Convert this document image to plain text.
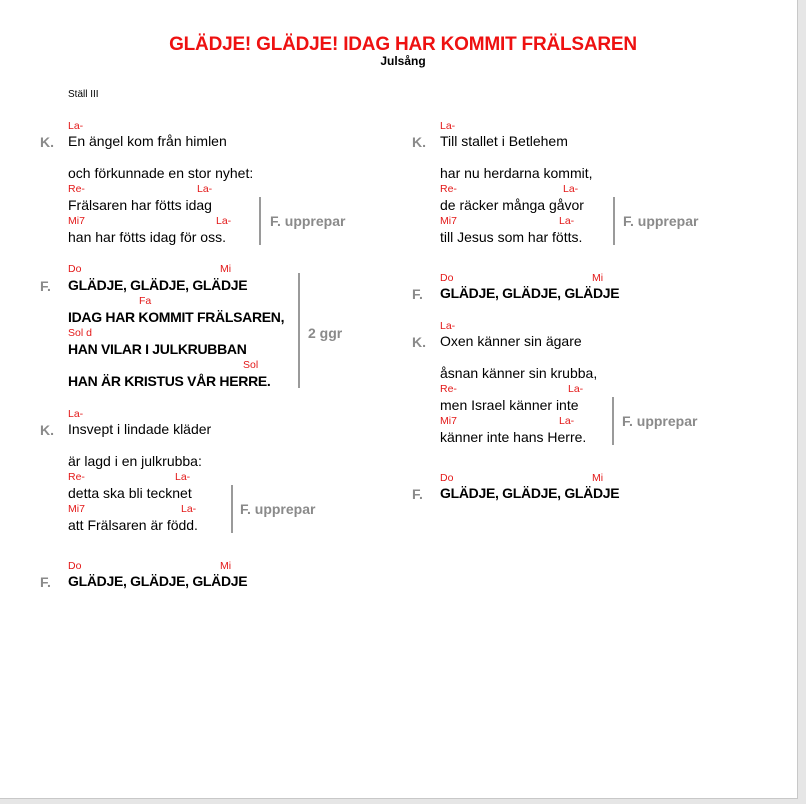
GLÄDJE! GLÄDJE! IDAG HAR KOMMIT FRÄLSAREN
Julsång
Ställ III
La-
K. En ängel kom från himlen
och förkunnade en stor nyhet:
Re-	La-
Frälsaren har fötts idag
Mi7	La-
han har fötts idag för oss.
F. upprepar
Do	Mi
F. GLÄDJE, GLÄDJE, GLÄDJE
Fa
IDAG HAR KOMMIT FRÄLSAREN,
Sol d
HAN VILAR I JULKRUBBAN
Sol
HAN ÄR KRISTUS VÅR HERRE.
2 ggr
La-
K. Insvept i lindade kläder
är lagd i en julkrubba:
Re-	La-
detta ska bli tecknet
Mi7	La-
att Frälsaren är född.
F. upprepar
Do	Mi
F. GLÄDJE, GLÄDJE, GLÄDJE
La-
K. Till stallet i Betlehem
har nu herdarna kommit,
Re-	La-
de räcker många gåvor
Mi7	La-
till Jesus som har fötts.
F. upprepar
Do	Mi
F. GLÄDJE, GLÄDJE, GLÄDJE
La-
K. Oxen känner sin ägare
åsnan känner sin krubba,
Re-	La-
men Israel känner inte
Mi7	La-
känner inte hans Herre.
F. upprepar
Do	Mi
F. GLÄDJE, GLÄDJE, GLÄDJE
